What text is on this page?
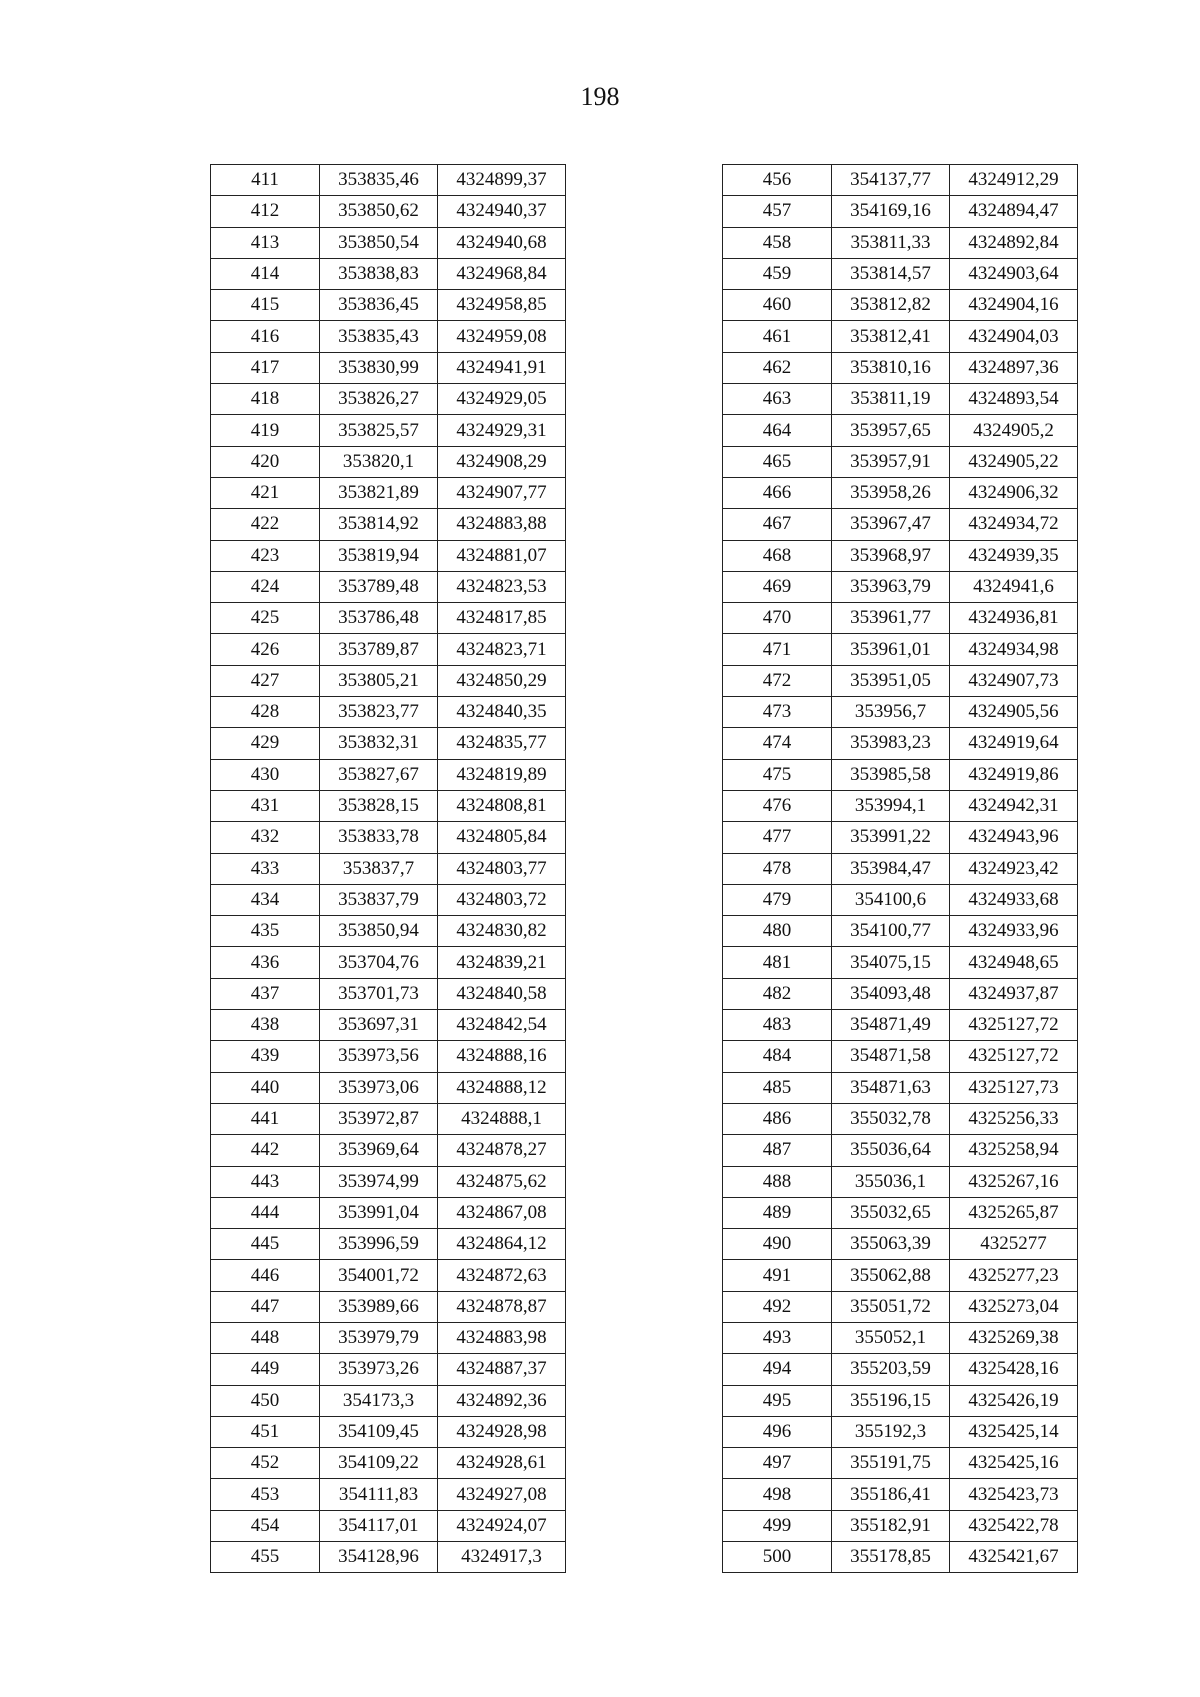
198
411	353835,46	4324899,37
412	353850,62	4324940,37
413	353850,54	4324940,68
414	353838,83	4324968,84
415	353836,45	4324958,85
416	353835,43	4324959,08
417	353830,99	4324941,91
418	353826,27	4324929,05
419	353825,57	4324929,31
420	353820,1	4324908,29
421	353821,89	4324907,77
422	353814,92	4324883,88
423	353819,94	4324881,07
424	353789,48	4324823,53
425	353786,48	4324817,85
426	353789,87	4324823,71
427	353805,21	4324850,29
428	353823,77	4324840,35
429	353832,31	4324835,77
430	353827,67	4324819,89
431	353828,15	4324808,81
432	353833,78	4324805,84
433	353837,7	4324803,77
434	353837,79	4324803,72
435	353850,94	4324830,82
436	353704,76	4324839,21
437	353701,73	4324840,58
438	353697,31	4324842,54
439	353973,56	4324888,16
440	353973,06	4324888,12
441	353972,87	4324888,1
442	353969,64	4324878,27
443	353974,99	4324875,62
444	353991,04	4324867,08
445	353996,59	4324864,12
446	354001,72	4324872,63
447	353989,66	4324878,87
448	353979,79	4324883,98
449	353973,26	4324887,37
450	354173,3	4324892,36
451	354109,45	4324928,98
452	354109,22	4324928,61
453	354111,83	4324927,08
454	354117,01	4324924,07
455	354128,96	4324917,3
456	354137,77	4324912,29
457	354169,16	4324894,47
458	353811,33	4324892,84
459	353814,57	4324903,64
460	353812,82	4324904,16
461	353812,41	4324904,03
462	353810,16	4324897,36
463	353811,19	4324893,54
464	353957,65	4324905,2
465	353957,91	4324905,22
466	353958,26	4324906,32
467	353967,47	4324934,72
468	353968,97	4324939,35
469	353963,79	4324941,6
470	353961,77	4324936,81
471	353961,01	4324934,98
472	353951,05	4324907,73
473	353956,7	4324905,56
474	353983,23	4324919,64
475	353985,58	4324919,86
476	353994,1	4324942,31
477	353991,22	4324943,96
478	353984,47	4324923,42
479	354100,6	4324933,68
480	354100,77	4324933,96
481	354075,15	4324948,65
482	354093,48	4324937,87
483	354871,49	4325127,72
484	354871,58	4325127,72
485	354871,63	4325127,73
486	355032,78	4325256,33
487	355036,64	4325258,94
488	355036,1	4325267,16
489	355032,65	4325265,87
490	355063,39	4325277
491	355062,88	4325277,23
492	355051,72	4325273,04
493	355052,1	4325269,38
494	355203,59	4325428,16
495	355196,15	4325426,19
496	355192,3	4325425,14
497	355191,75	4325425,16
498	355186,41	4325423,73
499	355182,91	4325422,78
500	355178,85	4325421,67
